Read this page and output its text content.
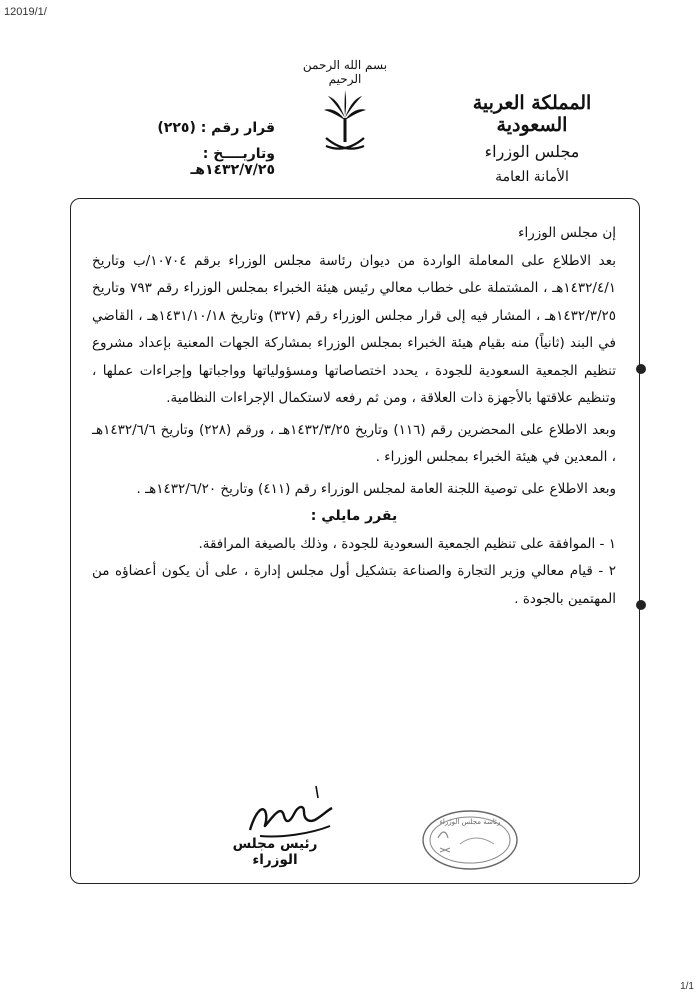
12019/1/
بسم الله الرحمن الرحيم
المملكة العربية السعودية
مجلس الوزراء
الأمانة العامة
قرار رقم : (٢٢٥)
وتاريــــخ : ١٤٣٢/٧/٢٥هـ

إن مجلس الوزراء

بعد الاطلاع على المعاملة الواردة من ديوان رئاسة مجلس الوزراء برقم ١٠٧٠٤/ب وتاريخ ١٤٣٢/٤/١هـ ، المشتملة على خطاب معالي رئيس هيئة الخبراء بمجلس الوزراء رقم ٧٩٣ وتاريخ ١٤٣٢/٣/٢٥هـ ، المشار فيه إلى قرار مجلس الوزراء رقم (٣٢٧) وتاريخ ١٤٣١/١٠/١٨هـ ، القاضي في البند (ثانياً) منه بقيام هيئة الخبراء بمجلس الوزراء بمشاركة الجهات المعنية بإعداد مشروع تنظيم الجمعية السعودية للجودة ، يحدد اختصاصاتها ومسؤولياتها وواجباتها وإجراءات عملها ، وتنظيم علاقتها بالأجهزة ذات العلاقة ، ومن ثم رفعه لاستكمال الإجراءات النظامية.

وبعد الاطلاع على المحضرين رقم (١١٦) وتاريخ ١٤٣٢/٣/٢٥هـ ، ورقم (٢٢٨) وتاريخ ١٤٣٢/٦/٦هـ ، المعدين في هيئة الخبراء بمجلس الوزراء .

وبعد الاطلاع على توصية اللجنة العامة لمجلس الوزراء رقم (٤١١) وتاريخ ١٤٣٢/٦/٢٠هـ .

يقرر مايلي :

١ - الموافقة على تنظيم الجمعية السعودية للجودة ، وذلك بالصيغة المرافقة.

٢ - قيام معالي وزير التجارة والصناعة بتشكيل أول مجلس إدارة ، على أن يكون أعضاؤه من المهتمين بالجودة .

رئيس مجلس الوزراء
رئاسة مجلس الوزراء
1/1
